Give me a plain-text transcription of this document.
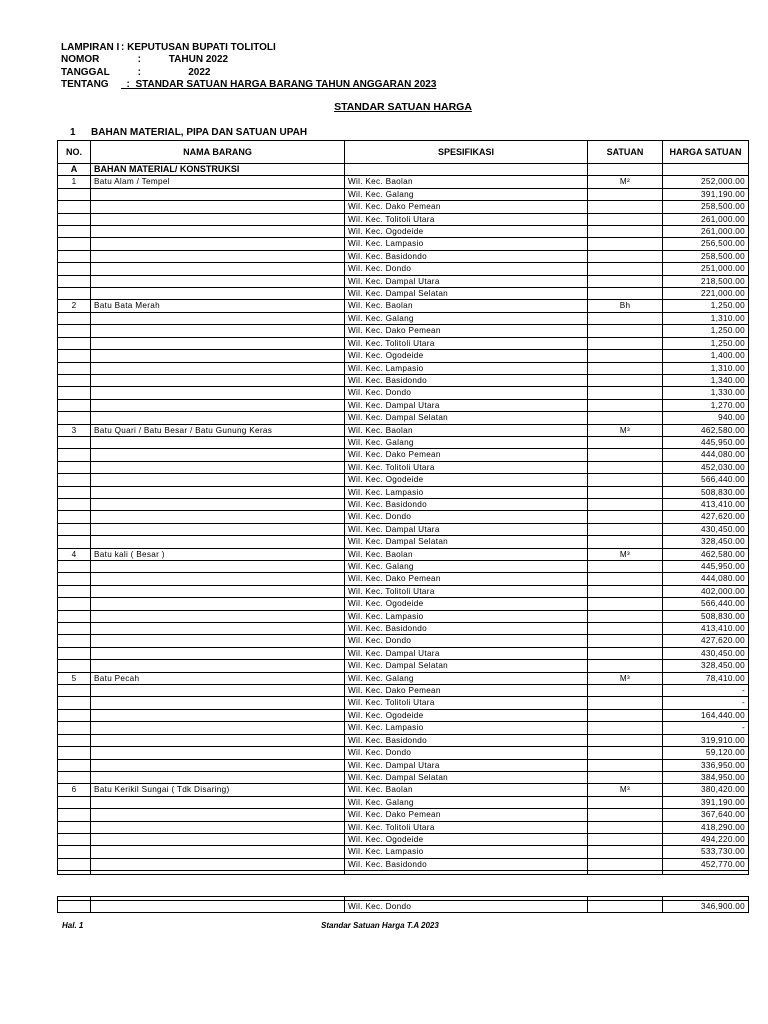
LAMPIRAN I : KEPUTUSAN BUPATI TOLITOLI
NOMOR :          TAHUN 2022
TANGGAL :                 2022
TENTANG :  STANDAR SATUAN HARGA BARANG TAHUN ANGGARAN 2023
STANDAR SATUAN HARGA
1 BAHAN MATERIAL, PIPA DAN SATUAN UPAH
NO.	NAMA BARANG	SPESIFIKASI	SATUAN	HARGA SATUAN
A	BAHAN MATERIAL/ KONSTRUKSI			
1	Batu Alam / Tempel	Wil. Kec. Baolan	M²	252,000.00
		Wil. Kec. Galang		391,190.00
		Wil. Kec. Dako Pemean		258,500.00
		Wil. Kec. Tolitoli Utara		261,000.00
		Wil. Kec. Ogodeide		261,000.00
		Wil. Kec. Lampasio		256,500.00
		Wil. Kec. Basidondo		258,500.00
		Wil. Kec. Dondo		251,000.00
		Wil. Kec. Dampal Utara		218,500.00
		Wil. Kec. Dampal Selatan		221,000.00
2	Batu Bata Merah	Wil. Kec. Baolan	Bh	1,250.00
		Wil. Kec. Galang		1,310.00
		Wil. Kec. Dako Pemean		1,250.00
		Wil. Kec. Tolitoli Utara		1,250.00
		Wil. Kec. Ogodeide		1,400.00
		Wil. Kec. Lampasio		1,310.00
		Wil. Kec. Basidondo		1,340.00
		Wil. Kec. Dondo		1,330.00
		Wil. Kec. Dampal Utara		1,270.00
		Wil. Kec. Dampal Selatan		940.00
3	Batu Quari / Batu Besar / Batu Gunung Keras	Wil. Kec. Baolan	M³	462,580.00
		Wil. Kec. Galang		445,950.00
		Wil. Kec. Dako Pemean		444,080.00
		Wil. Kec. Tolitoli Utara		452,030.00
		Wil. Kec. Ogodeide		566,440.00
		Wil. Kec. Lampasio		508,830.00
		Wil. Kec. Basidondo		413,410.00
		Wil. Kec. Dondo		427,620.00
		Wil. Kec. Dampal Utara		430,450.00
		Wil. Kec. Dampal Selatan		328,450.00
4	Batu kali ( Besar )	Wil. Kec. Baolan	M³	462,580.00
		Wil. Kec. Galang		445,950.00
		Wil. Kec. Dako Pemean		444,080.00
		Wil. Kec. Tolitoli Utara		402,000.00
		Wil. Kec. Ogodeide		566,440.00
		Wil. Kec. Lampasio		508,830.00
		Wil. Kec. Basidondo		413,410.00
		Wil. Kec. Dondo		427,620.00
		Wil. Kec. Dampal Utara		430,450.00
		Wil. Kec. Dampal Selatan		328,450.00
5	Batu Pecah	Wil. Kec. Galang	M³	78,410.00
		Wil. Kec. Dako Pemean		-
		Wil. Kec. Tolitoli Utara		-
		Wil. Kec. Ogodeide		164,440.00
		Wil. Kec. Lampasio		-
		Wil. Kec. Basidondo		319,910.00
		Wil. Kec. Dondo		59,120.00
		Wil. Kec. Dampal Utara		336,950.00
		Wil. Kec. Dampal Selatan		384,950.00
6	Batu Kerikil Sungai ( Tdk Disaring)	Wil. Kec. Baolan	M³	380,420.00
		Wil. Kec. Galang		391,190.00
		Wil. Kec. Dako Pemean		367,640.00
		Wil. Kec. Tolitoli Utara		418,290.00
		Wil. Kec. Ogodeide		494,220.00
		Wil. Kec. Lampasio		533,730.00
		Wil. Kec. Basidondo		452,770.00

		Wil. Kec. Dondo		346,900.00
Hal. 1	Standar Satuan Harga T.A 2023
